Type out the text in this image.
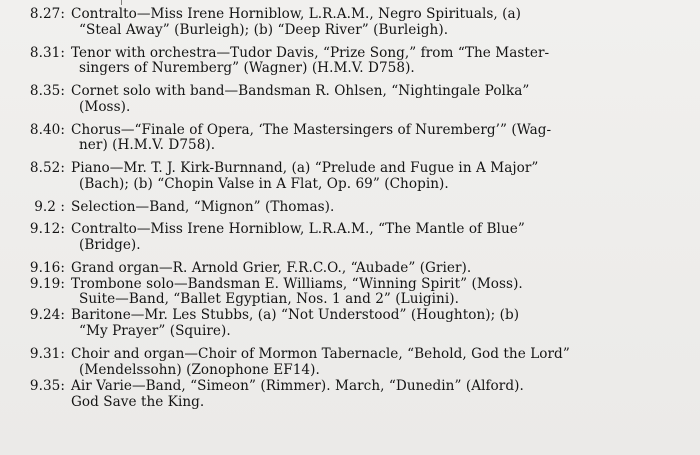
8.27: Contralto—Miss Irene Horniblow, L.R.A.M., Negro Spirituals, (a)
“Steal Away” (Burleigh); (b) “Deep River” (Burleigh).
8.31: Tenor with orchestra—Tudor Davis, “Prize Song,” from “The Master-
singers of Nuremberg” (Wagner) (H.M.V. D758).
8.35: Cornet solo with band—Bandsman R. Ohlsen, “Nightingale Polka”
(Moss).
8.40: Chorus—“Finale of Opera, ‘The Mastersingers of Nuremberg’” (Wag-
ner) (H.M.V. D758).
8.52: Piano—Mr. T. J. Kirk-Burnnand, (a) “Prelude and Fugue in A Major”
(Bach); (b) “Chopin Valse in A Flat, Op. 69” (Chopin).
9.2 : Selection—Band, “Mignon” (Thomas).
9.12: Contralto—Miss Irene Horniblow, L.R.A.M., “The Mantle of Blue”
(Bridge).
9.16: Grand organ—R. Arnold Grier, F.R.C.O., “Aubade” (Grier).
9.19: Trombone solo—Bandsman E. Williams, “Winning Spirit” (Moss).
Suite—Band, “Ballet Egyptian, Nos. 1 and 2” (Luigini).
9.24: Baritone—Mr. Les Stubbs, (a) “Not Understood” (Houghton); (b)
“My Prayer” (Squire).
9.31: Choir and organ—Choir of Mormon Tabernacle, “Behold, God the Lord”
(Mendelssohn) (Zonophone EF14).
9.35: Air Varie—Band, “Simeon” (Rimmer). March, “Dunedin” (Alford).
God Save the King.
